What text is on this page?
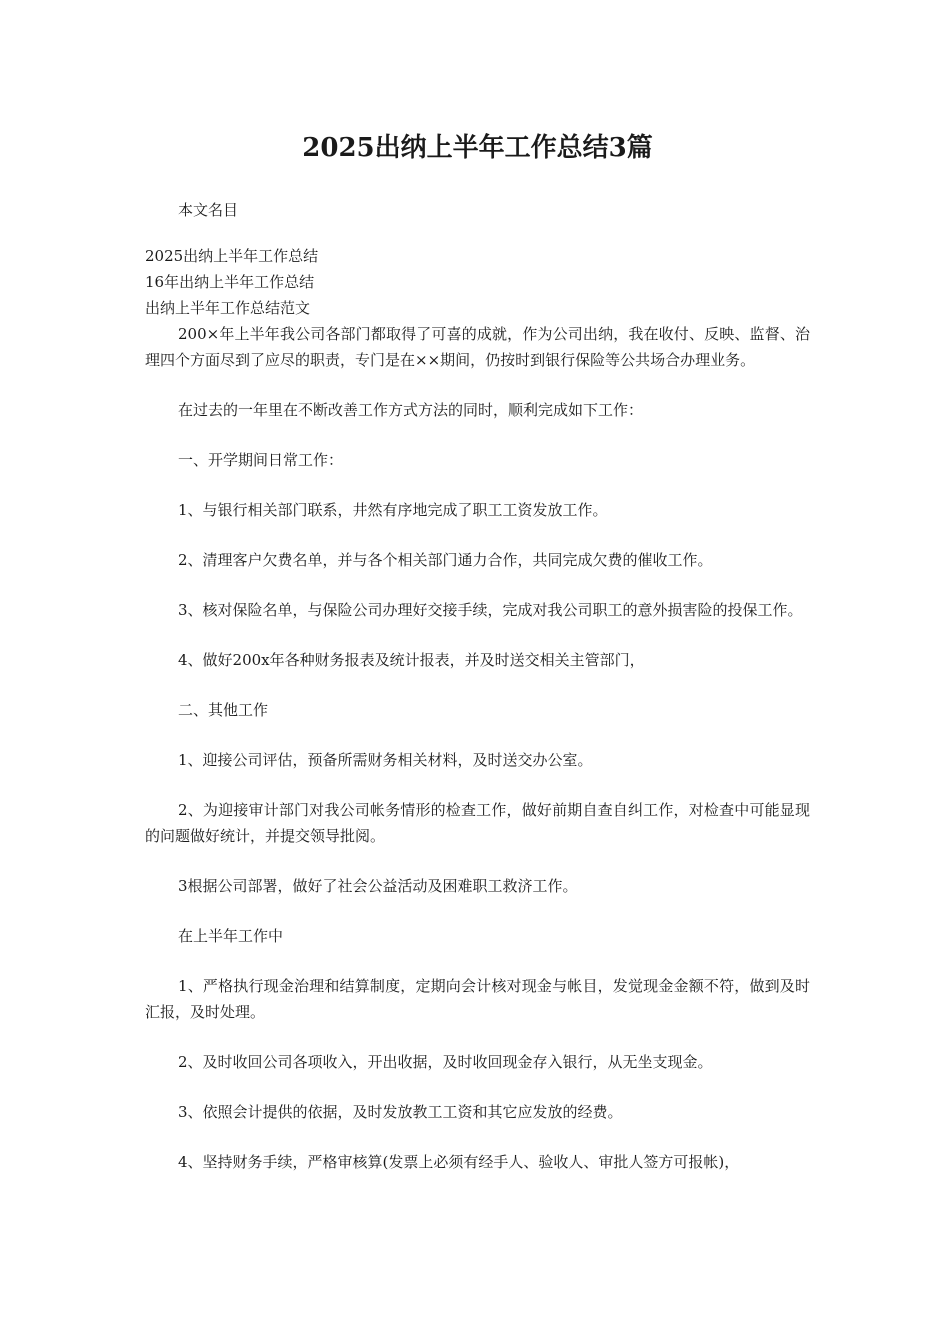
2025出纳上半年工作总结3篇

本文名目

2025出纳上半年工作总结

16年出纳上半年工作总结

出纳上半年工作总结范文

200×年上半年我公司各部门都取得了可喜的成就，作为公司出纳，我在收付、反映、监督、治理四个方面尽到了应尽的职责，专门是在××期间，仍按时到银行保险等公共场合办理业务。

在过去的一年里在不断改善工作方式方法的同时，顺利完成如下工作：

一、开学期间日常工作：

1、与银行相关部门联系，井然有序地完成了职工工资发放工作。

2、清理客户欠费名单，并与各个相关部门通力合作，共同完成欠费的催收工作。

3、核对保险名单，与保险公司办理好交接手续，完成对我公司职工的意外损害险的投保工作。

4、做好200x年各种财务报表及统计报表，并及时送交相关主管部门，

二、其他工作

1、迎接公司评估，预备所需财务相关材料，及时送交办公室。

2、为迎接审计部门对我公司帐务情形的检查工作，做好前期自查自纠工作，对检查中可能显现的问题做好统计，并提交领导批阅。

3根据公司部署，做好了社会公益活动及困难职工救济工作。

在上半年工作中

1、严格执行现金治理和结算制度，定期向会计核对现金与帐目，发觉现金金额不符，做到及时汇报，及时处理。

2、及时收回公司各项收入，开出收据，及时收回现金存入银行，从无坐支现金。

3、依照会计提供的依据，及时发放教工工资和其它应发放的经费。

4、坚持财务手续，严格审核算(发票上必须有经手人、验收人、审批人签方可报帐)，
